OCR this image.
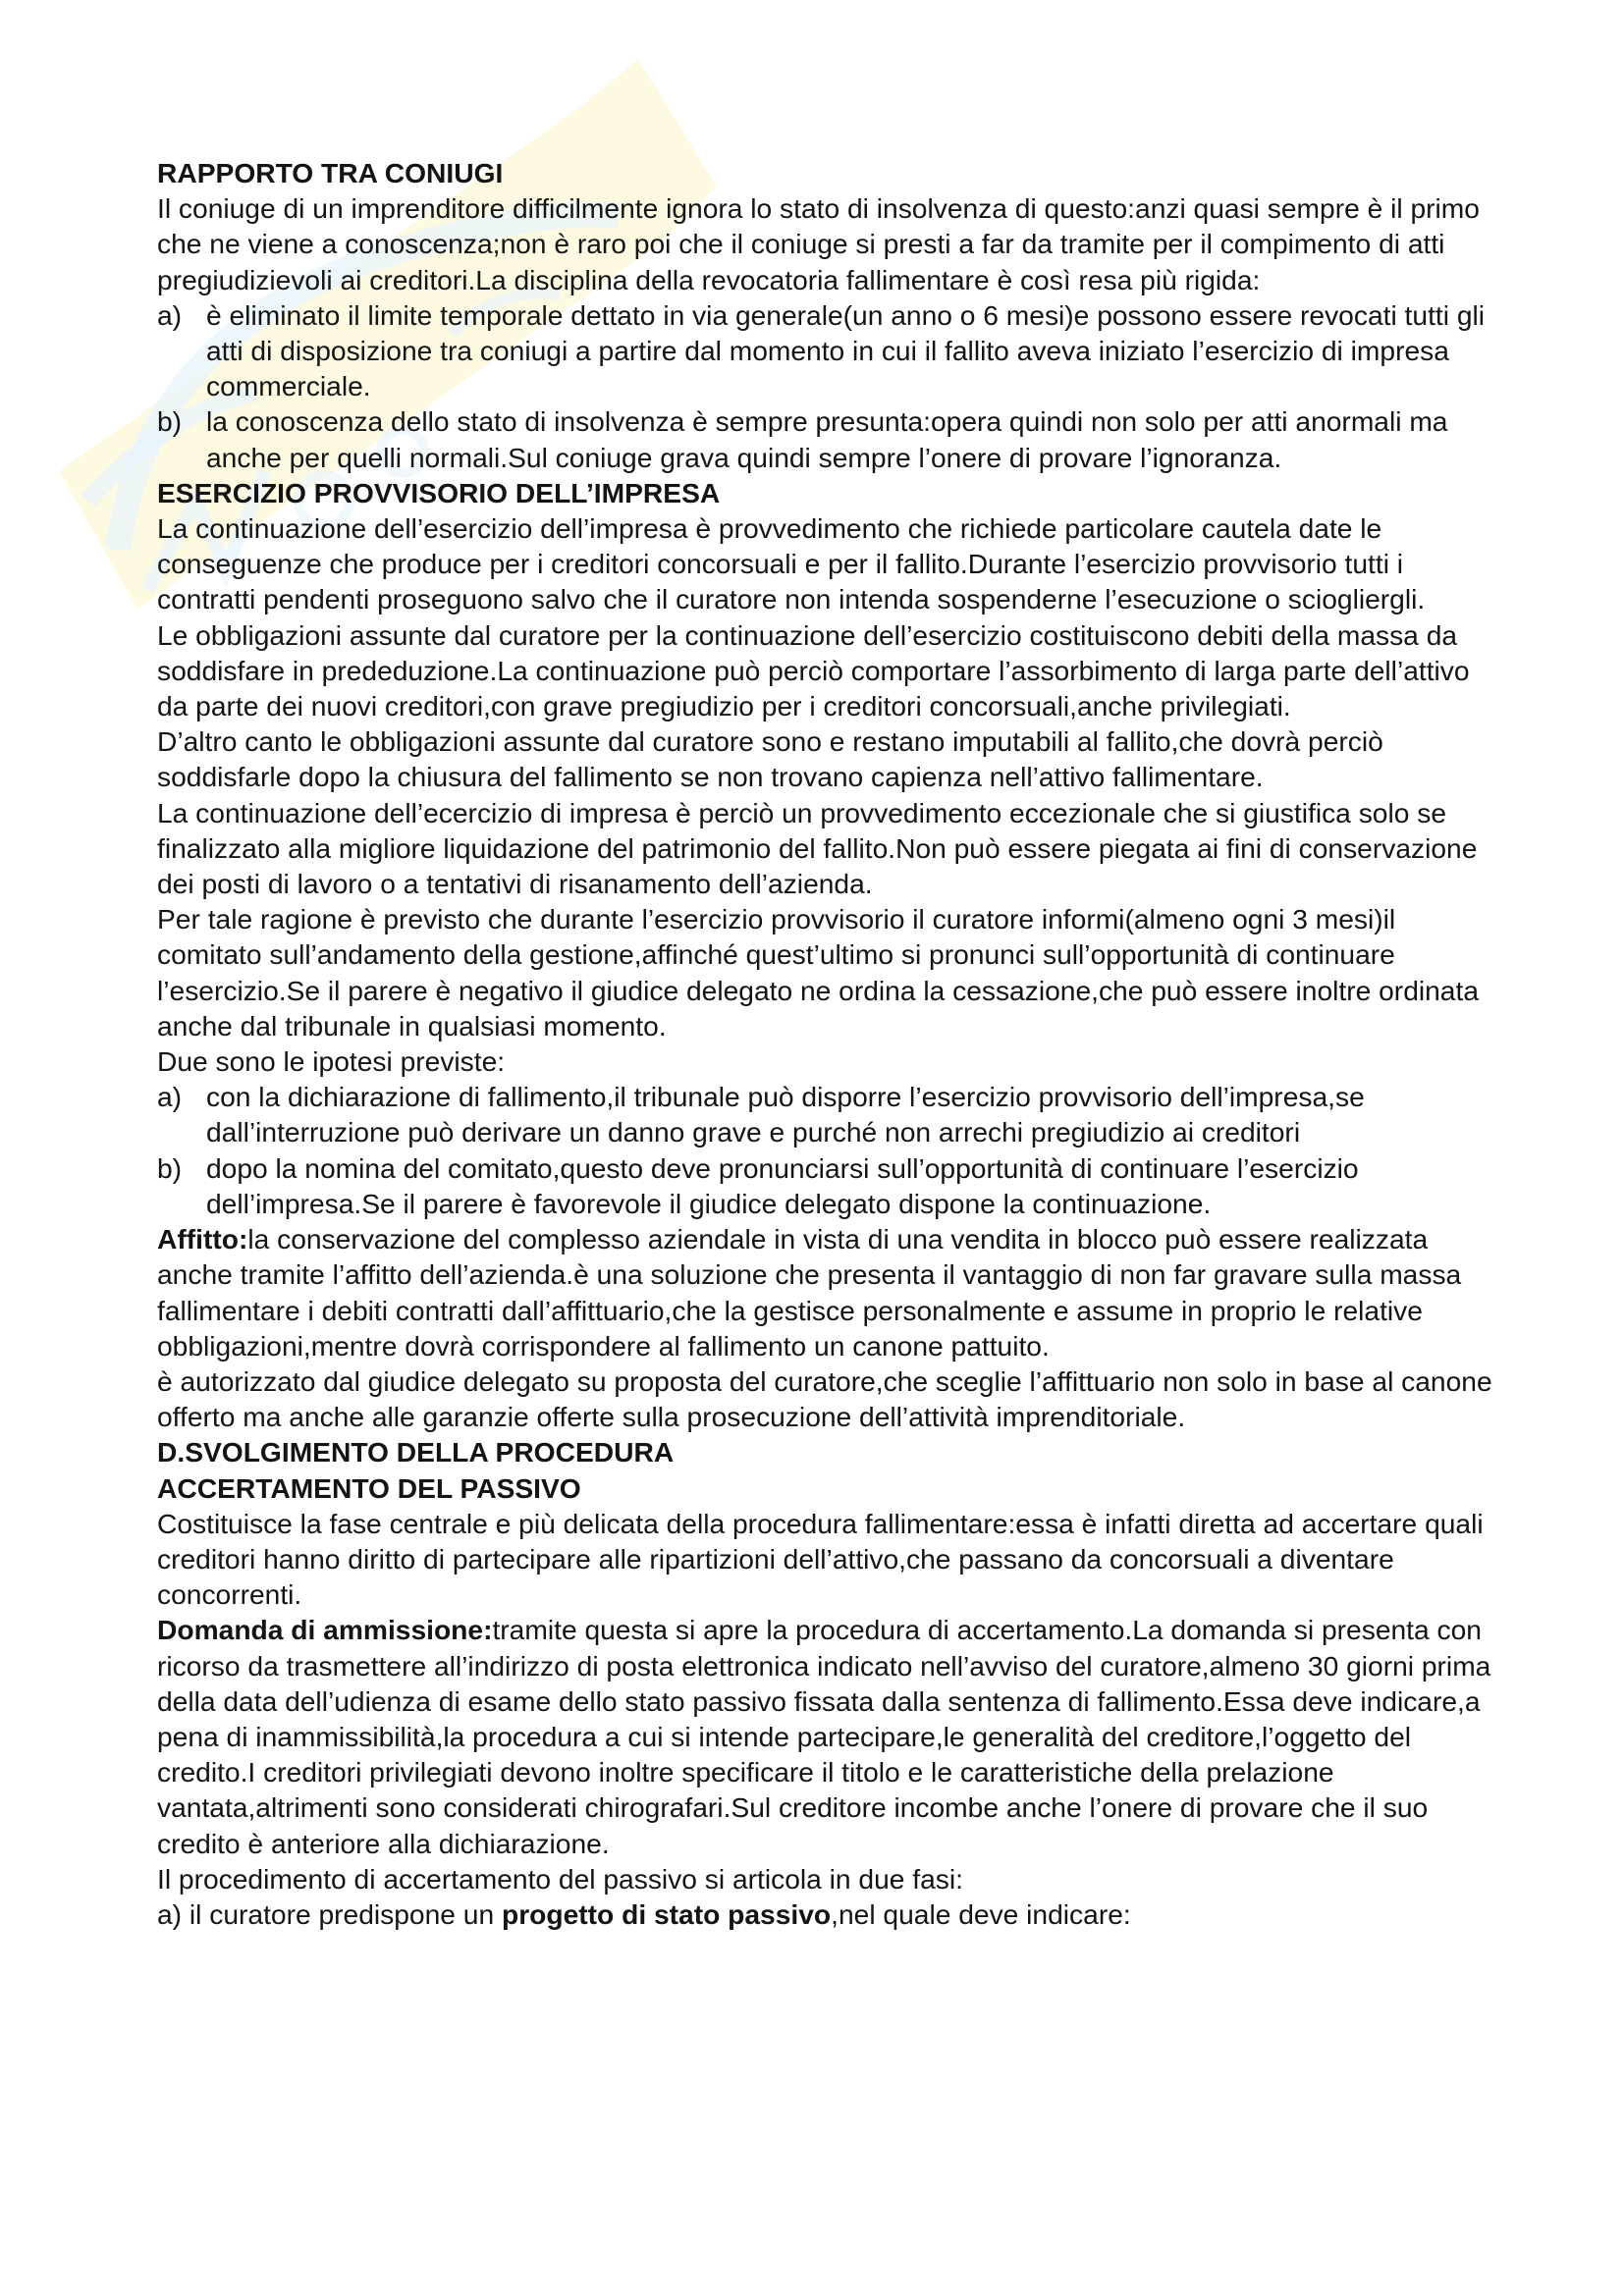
RAPPORTO TRA CONIUGI

Il coniuge di un imprenditore difficilmente ignora lo stato di insolvenza di questo:anzi quasi sempre è il primo che ne viene a conoscenza;non è raro poi che il coniuge si presti a far da tramite per il compimento di atti pregiudizievoli ai creditori.La disciplina della revocatoria fallimentare è così resa più rigida:

a) è eliminato il limite temporale dettato in via generale(un anno o 6 mesi)e possono essere revocati tutti gli atti di disposizione tra coniugi a partire dal momento in cui il fallito aveva iniziato l’esercizio di impresa commerciale.
b) la conoscenza dello stato di insolvenza è sempre presunta:opera quindi non solo per atti anormali ma anche per quelli normali.Sul coniuge grava quindi sempre l’onere di provare l’ignoranza.

ESERCIZIO PROVVISORIO DELL’IMPRESA

La continuazione dell’esercizio dell’impresa è provvedimento che richiede particolare cautela date le conseguenze che produce per i creditori concorsuali e per il fallito.Durante l’esercizio provvisorio tutti i contratti pendenti proseguono salvo che il curatore non intenda sospenderne l’esecuzione o sciogliergli.

Le obbligazioni assunte dal curatore per la continuazione dell’esercizio costituiscono debiti della massa da soddisfare in prededuzione.La continuazione può perciò comportare l’assorbimento di larga parte dell’attivo da parte dei nuovi creditori,con grave pregiudizio per i creditori concorsuali,anche privilegiati.

D’altro canto le obbligazioni assunte dal curatore sono e restano imputabili al fallito,che dovrà perciò soddisfarle dopo la chiusura del fallimento se non trovano capienza nell’attivo fallimentare.

La continuazione dell’ecercizio di impresa è perciò un provvedimento eccezionale che si giustifica solo se finalizzato alla migliore liquidazione del patrimonio del fallito.Non può essere piegata ai fini di conservazione dei posti di lavoro o a tentativi di risanamento dell’azienda.

Per tale ragione è previsto che durante l’esercizio provvisorio il curatore informi(almeno ogni 3 mesi)il comitato sull’andamento della gestione,affinché quest’ultimo si pronunci sull’opportunità di continuare l’esercizio.Se il parere è negativo il giudice delegato ne ordina la cessazione,che può essere inoltre ordinata anche dal tribunale in qualsiasi momento.

Due sono le ipotesi previste:

a) con la dichiarazione di fallimento,il tribunale può disporre l’esercizio provvisorio dell’impresa,se dall’interruzione può derivare un danno grave e purché non arrechi pregiudizio ai creditori
b) dopo la nomina del comitato,questo deve pronunciarsi sull’opportunità di continuare l’esercizio dell’impresa.Se il parere è favorevole il giudice delegato dispone la continuazione.

Affitto:la conservazione del complesso aziendale in vista di una vendita in blocco può essere realizzata anche tramite l’affitto dell’azienda.è una soluzione che presenta il vantaggio di non far gravare sulla massa fallimentare i debiti contratti dall’affittuario,che la gestisce personalmente e assume in proprio le relative obbligazioni,mentre dovrà corrispondere al fallimento un canone pattuito.

è autorizzato dal giudice delegato su proposta del curatore,che sceglie l’affittuario non solo in base al canone offerto ma anche alle garanzie offerte sulla prosecuzione dell’attività imprenditoriale.

D.SVOLGIMENTO DELLA PROCEDURA

ACCERTAMENTO DEL PASSIVO

Costituisce la fase centrale e più delicata della procedura fallimentare:essa è infatti diretta ad accertare quali creditori hanno diritto di partecipare alle ripartizioni dell’attivo,che passano da concorsuali a diventare concorrenti.

Domanda di ammissione:tramite questa si apre la procedura di accertamento.La domanda si presenta con ricorso da trasmettere all’indirizzo di posta elettronica indicato nell’avviso del curatore,almeno 30 giorni prima della data dell’udienza di esame dello stato passivo fissata dalla sentenza di fallimento.Essa deve indicare,a pena di inammissibilità,la procedura a cui si intende partecipare,le generalità del creditore,l’oggetto del credito.I creditori privilegiati devono inoltre specificare il titolo e le caratteristiche della prelazione vantata,altrimenti sono considerati chirografari.Sul creditore incombe anche l’onere di provare che il suo credito è anteriore alla dichiarazione.

Il procedimento di accertamento del passivo si articola in due fasi:

a) il curatore predispone un progetto di stato passivo,nel quale deve indicare:
